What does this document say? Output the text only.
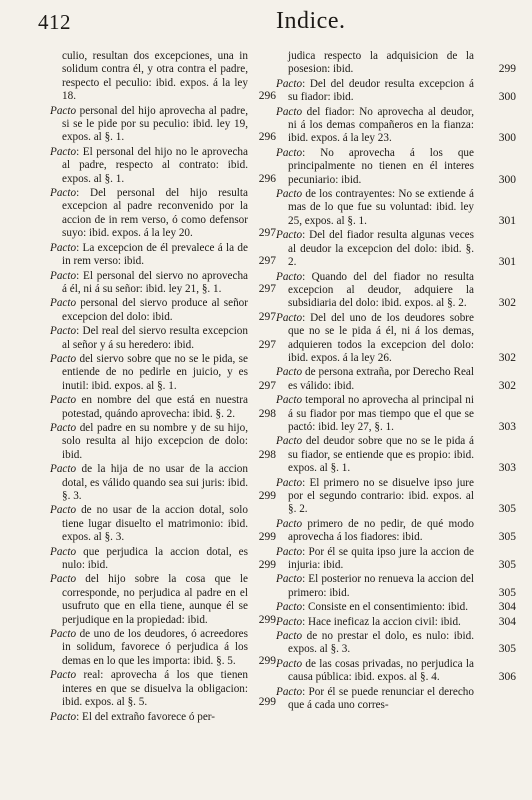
412	Indice.

culio, resultan dos excepciones, una in solidum contra él, y otra contra el padre, respecto el peculio: ibid. expos. á la ley 18.	296

Pacto personal del hijo aprovecha al padre, si se le pide por su peculio: ibid. ley 19, expos. al §. 1.	296

Pacto: El personal del hijo no le aprovecha al padre, respecto al contrato: ibid. expos. al §. 1.	296

Pacto: Del personal del hijo resulta excepcion al padre reconvenido por la accion de in rem verso, ó como defensor suyo: ibid. expos. á la ley 20.	297

Pacto: La excepcion de él prevalece á la de in rem verso: ibid.	297

Pacto: El personal del siervo no aprovecha á él, ni á su señor: ibid. ley 21, §. 1.	297

Pacto personal del siervo produce al señor excepcion del dolo: ibid.	297

Pacto: Del real del siervo resulta excepcion al señor y á su heredero: ibid.	297

Pacto del siervo sobre que no se le pida, se entiende de no pedirle en juicio, y es inutil: ibid. expos. al §. 1.	297

Pacto en nombre del que está en nuestra potestad, quándo aprovecha: ibid. §. 2. 298

Pacto del padre en su nombre y de su hijo, solo resulta al hijo excepcion de dolo: ibid.	298

Pacto de la hija de no usar de la accion dotal, es válido quando sea sui juris: ibid. §. 3.	299

Pacto de no usar de la accion dotal, solo tiene lugar disuelto el matrimonio: ibid. expos. al §. 3.	299

Pacto que perjudica la accion dotal, es nulo: ibid.	299

Pacto del hijo sobre la cosa que le corresponde, no perjudica al padre en el usufruto que en ella tiene, aunque él se perjudique en la propiedad: ibid.	299

Pacto de uno de los deudores, ó acreedores in solidum, favorece ó perjudica á los demas en lo que les importa: ibid. §. 5. 299

Pacto real: aprovecha á los que tienen interes en que se disuelva la obligacion: ibid. expos. al §. 5.	299

Pacto: El del extraño favorece ó per-

judica respecto la adquisicion de la posesion: ibid.	299

Pacto: Del del deudor resulta excepcion á su fiador: ibid.	300

Pacto del fiador: No aprovecha al deudor, ni á los demas compañeros en la fianza: ibid. expos. á la ley 23.	300

Pacto: No aprovecha á los que principalmente no tienen en él interes pecuniario: ibid.	300

Pacto de los contrayentes: No se extiende á mas de lo que fue su voluntad: ibid. ley 25, expos. al §. 1.	301

Pacto: Del del fiador resulta algunas veces al deudor la excepcion del dolo: ibid. §. 2.	301

Pacto: Quando del del fiador no resulta excepcion al deudor, adquiere la subsidiaria del dolo: ibid. expos. al §. 2.	302

Pacto: Del del uno de los deudores sobre que no se le pida á él, ni á los demas, adquieren todos la excepcion del dolo: ibid. expos. á la ley 26.	302

Pacto de persona extraña, por Derecho Real es válido: ibid.	302

Pacto temporal no aprovecha al principal ni á su fiador por mas tiempo que el que se pactó: ibid. ley 27, §. 1.	303

Pacto del deudor sobre que no se le pida á su fiador, se entiende que es propio: ibid. expos. al §. 1.	303

Pacto: El primero no se disuelve ipso jure por el segundo contrario: ibid. expos. al §. 2.	305

Pacto primero de no pedir, de qué modo aprovecha á los fiadores: ibid.	305

Pacto: Por él se quita ipso jure la accion de injuria: ibid.	305

Pacto: El posterior no renueva la accion del primero: ibid.	305

Pacto: Consiste en el consentimiento: ibid.	304

Pacto: Hace ineficaz la accion civil: ibid.	304

Pacto de no prestar el dolo, es nulo: ibid. expos. al §. 3.	305

Pacto de las cosas privadas, no perjudica la causa pública: ibid. expos. al §. 4.	306

Pacto: Por él se puede renunciar el derecho que á cada uno corres-
